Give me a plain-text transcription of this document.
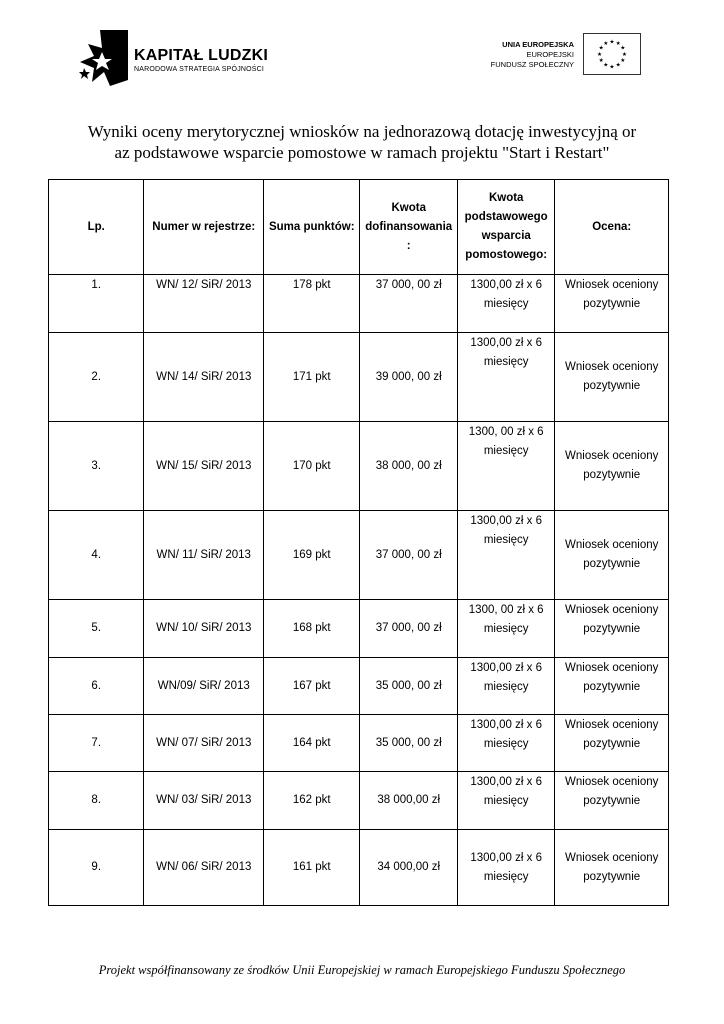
KAPITAŁ LUDZKI
NARODOWA STRATEGIA SPÓJNOŚCI
UNIA EUROPEJSKA
EUROPEJSKI
FUNDUSZ SPOŁECZNY
★ ★
★
★
★
★
★
★
★
★
★
★
Wyniki oceny merytorycznej wniosków na jednorazową dotację inwestycyjną or
az podstawowe wsparcie pomostowe w ramach projektu "Start i Restart"
Lp.	Numer w rejestrze:	Suma punktów:	Kwota dofinansowania :	Kwota podstawowego wsparcia pomostowego:	Ocena:
1.	WN/ 12/ SiR/ 2013	178 pkt	37 000, 00 zł	1300,00 zł x 6 miesięcy	Wniosek oceniony pozytywnie
2.	WN/ 14/ SiR/ 2013	171 pkt	39 000, 00 zł	1300,00 zł x 6 miesięcy	Wniosek oceniony pozytywnie
3.	WN/ 15/ SiR/ 2013	170 pkt	38 000, 00 zł	1300, 00 zł x 6 miesięcy	Wniosek oceniony pozytywnie
4.	WN/ 11/ SiR/ 2013	169 pkt	37 000, 00 zł	1300,00 zł x 6 miesięcy	Wniosek oceniony pozytywnie
5.	WN/ 10/ SiR/ 2013	168 pkt	37 000, 00 zł	1300, 00 zł x 6 miesięcy	Wniosek oceniony pozytywnie
6.	WN/09/ SiR/ 2013	167 pkt	35 000, 00 zł	1300,00 zł x 6 miesięcy	Wniosek oceniony pozytywnie
7.	WN/ 07/ SiR/ 2013	164 pkt	35 000, 00 zł	1300,00 zł x 6 miesięcy	Wniosek oceniony pozytywnie
8.	WN/ 03/ SiR/ 2013	162 pkt	38 000,00 zł	1300,00 zł x 6 miesięcy	Wniosek oceniony pozytywnie
9.	WN/ 06/ SiR/ 2013	161 pkt	34 000,00 zł	1300,00 zł x 6 miesięcy	Wniosek oceniony pozytywnie
Projekt współfinansowany ze środków Unii Europejskiej w ramach Europejskiego Funduszu Społecznego
